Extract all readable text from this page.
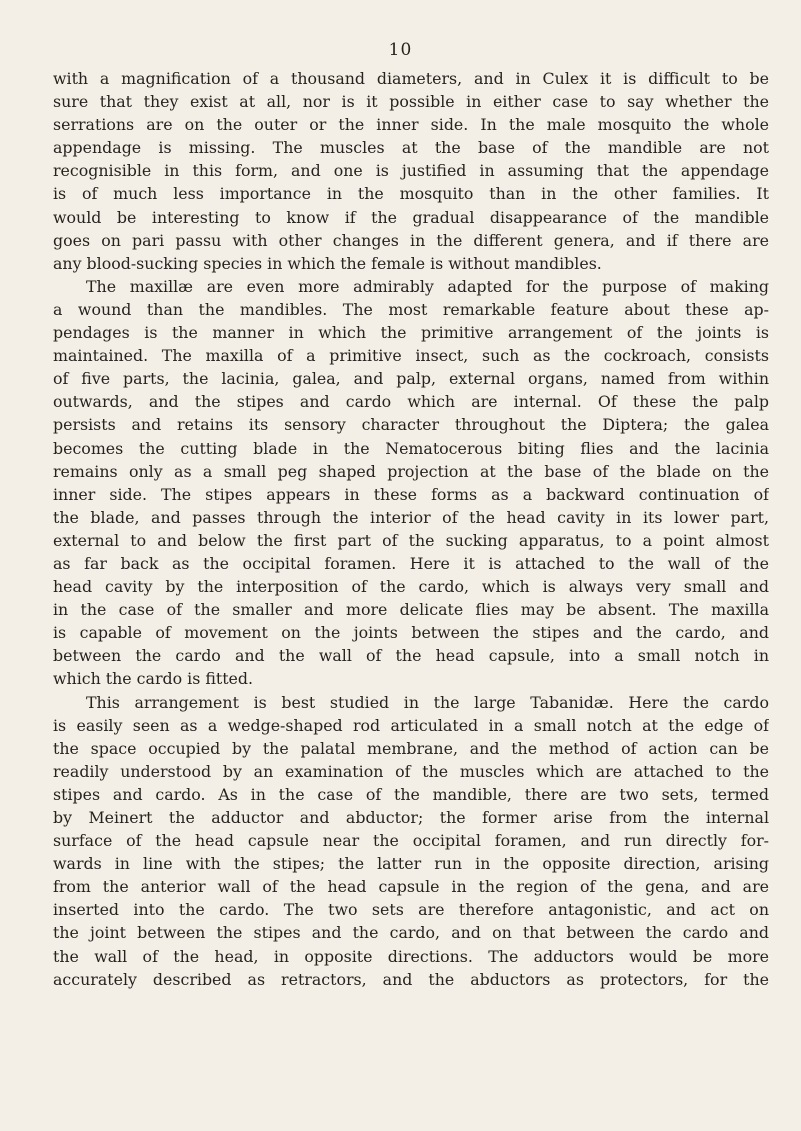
10
with a magnification of a thousand diameters, and in Culex it is difficult to be
sure that they exist at all, nor is it possible in either case to say whether the
serrations are on the outer or the inner side. In the male mosquito the whole
appendage is missing. The muscles at the base of the mandible are not
recognisible in this form, and one is justified in assuming that the appendage
is of much less importance in the mosquito than in the other families. It
would be interesting to know if the gradual disappearance of the mandible
goes on pari passu with other changes in the different genera, and if there are
any blood-sucking species in which the female is without mandibles.
The maxillæ are even more admirably adapted for the purpose of making
a wound than the mandibles. The most remarkable feature about these ap-
pendages is the manner in which the primitive arrangement of the joints is
maintained. The maxilla of a primitive insect, such as the cockroach, consists
of five parts, the lacinia, galea, and palp, external organs, named from within
outwards, and the stipes and cardo which are internal. Of these the palp
persists and retains its sensory character throughout the Diptera; the galea
becomes the cutting blade in the Nematocerous biting flies and the lacinia
remains only as a small peg shaped projection at the base of the blade on the
inner side. The stipes appears in these forms as a backward continuation of
the blade, and passes through the interior of the head cavity in its lower part,
external to and below the first part of the sucking apparatus, to a point almost
as far back as the occipital foramen. Here it is attached to the wall of the
head cavity by the interposition of the cardo, which is always very small and
in the case of the smaller and more delicate flies may be absent. The maxilla
is capable of movement on the joints between the stipes and the cardo, and
between the cardo and the wall of the head capsule, into a small notch in
which the cardo is fitted.
This arrangement is best studied in the large Tabanidæ. Here the cardo
is easily seen as a wedge-shaped rod articulated in a small notch at the edge of
the space occupied by the palatal membrane, and the method of action can be
readily understood by an examination of the muscles which are attached to the
stipes and cardo. As in the case of the mandible, there are two sets, termed
by Meinert the adductor and abductor; the former arise from the internal
surface of the head capsule near the occipital foramen, and run directly for-
wards in line with the stipes; the latter run in the opposite direction, arising
from the anterior wall of the head capsule in the region of the gena, and are
inserted into the cardo. The two sets are therefore antagonistic, and act on
the joint between the stipes and the cardo, and on that between the cardo and
the wall of the head, in opposite directions. The adductors would be more
accurately described as retractors, and the abductors as protectors, for the
